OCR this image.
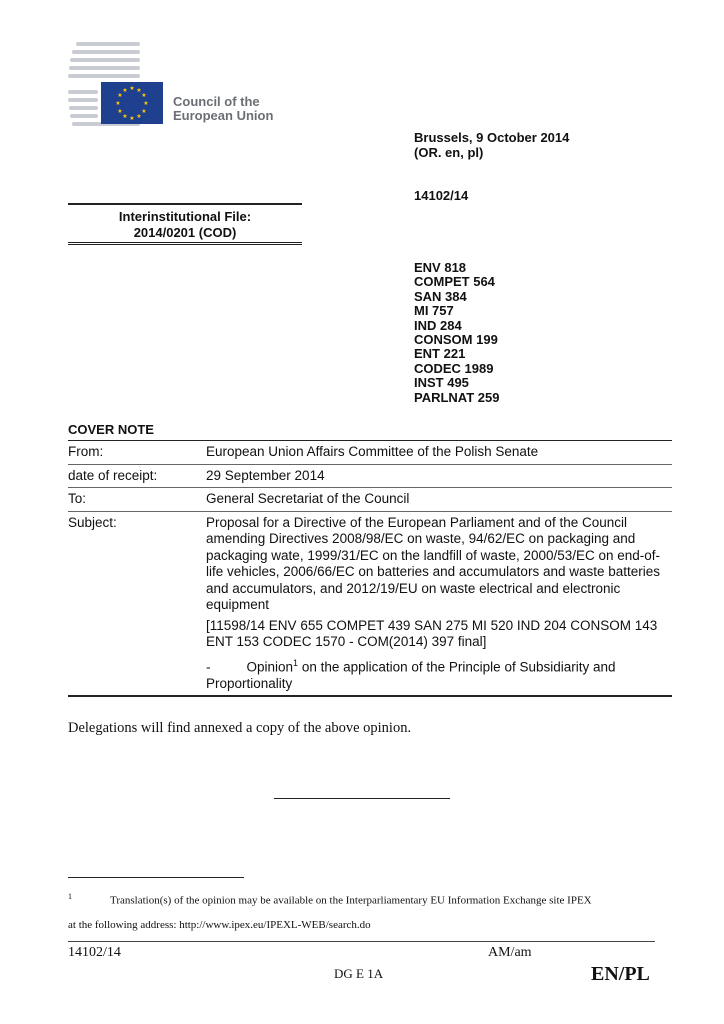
★ ★
★
★
★
★
★
★
★
★
★
★
Council of the
European Union
Brussels, 9 October 2014
(OR. en, pl)
14102/14
Interinstitutional File:
2014/0201 (COD)
ENV 818
COMPET 564
SAN 384
MI 757
IND 284
CONSOM 199
ENT 221
CODEC 1989
INST 495
PARLNAT 259
COVER NOTE
From:	European Union Affairs Committee of the Polish Senate
date of receipt:	29 September 2014
To:	General Secretariat of the Council
Subject:	Proposal for a Directive of the European Parliament and of the Council amending Directives 2008/98/EC on waste, 94/62/EC on packaging and packaging wate, 1999/31/EC on the landfill of waste, 2000/53/EC on end-of-life vehicles, 2006/66/EC on batteries and accumulators and waste batteries and accumulators, and 2012/19/EU on waste electrical and electronic equipment

[11598/14 ENV 655 COMPET 439 SAN 275 MI 520 IND 204 CONSOM 143 ENT 153 CODEC 1570 - COM(2014) 397 final]

-	Opinion$^1$ on the application of the Principle of Subsidiarity and Proportionality

Delegations will find annexed a copy of the above opinion.
$^1$	Translation(s) of the opinion may be available on the Interparliamentary EU Information Exchange site IPEX
at the following address: http://www.ipex.eu/IPEXL-WEB/search.do
14102/14	AM/am
DG E 1A	EN/PL
